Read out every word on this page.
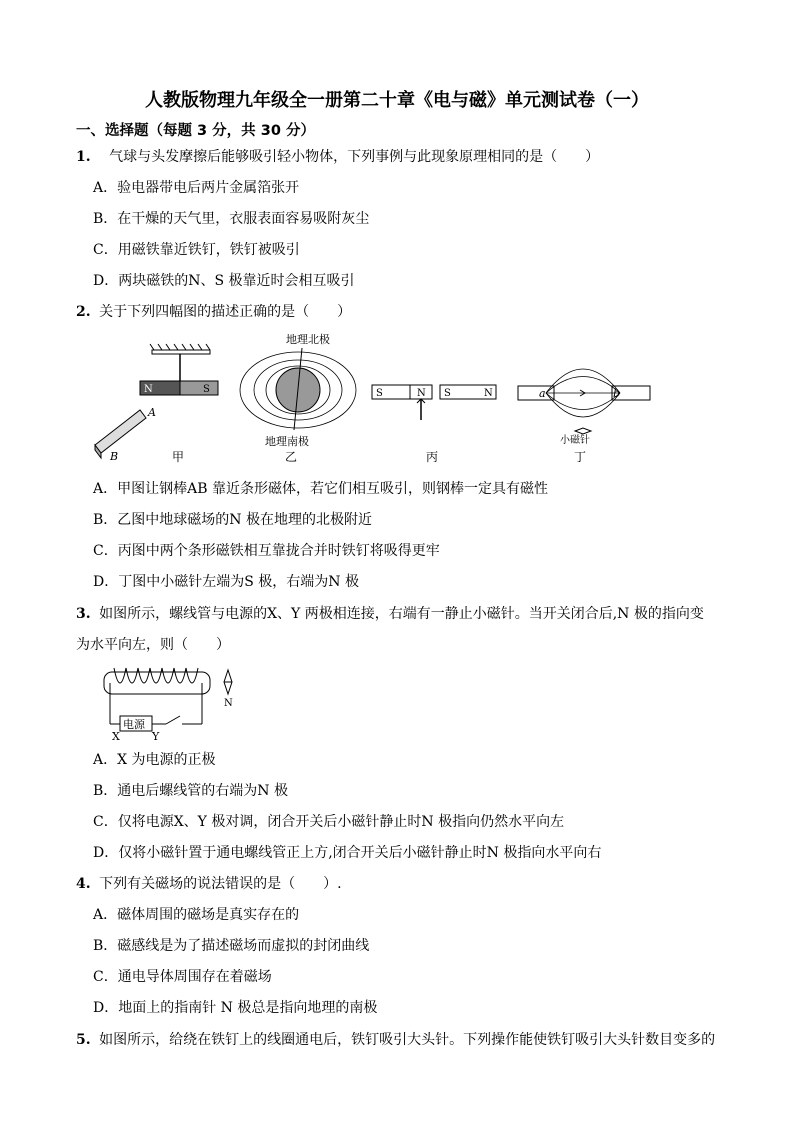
人教版物理九年级全一册第二十章《电与磁》单元测试卷（一）
一、选择题（每题 3 分，共 30 分）
1. 气球与头发摩擦后能够吸引轻小物体，下列事例与此现象原理相同的是（　　）
A．验电器带电后两片金属箔张开
B．在干燥的天气里，衣服表面容易吸附灰尘
C．用磁铁靠近铁钉，铁钉被吸引
D．两块磁铁的N、S 极靠近时会相互吸引
2. 关于下列四幅图的描述正确的是（　　）
N	S
A
B	甲
地理北极
地理南极
乙
S	N S	N
丙
a	b
小磁针
丁
A．甲图让钢棒AB 靠近条形磁体，若它们相互吸引，则钢棒一定具有磁性
B．乙图中地球磁场的N 极在地理的北极附近
C．丙图中两个条形磁铁相互靠拢合并时铁钉将吸得更牢
D．丁图中小磁针左端为S 极，右端为N 极
3. 如图所示，螺线管与电源的X、Y 两极相连接，右端有一静止小磁针。当开关闭合后,N 极的指向变
为水平向左，则（　　）
电源
X	Y
N
A．X 为电源的正极
B．通电后螺线管的右端为N 极
C．仅将电源X、Y 极对调，闭合开关后小磁针静止时N 极指向仍然水平向左
D．仅将小磁针置于通电螺线管正上方,闭合开关后小磁针静止时N 极指向水平向右
4. 下列有关磁场的说法错误的是（　　）.
A．磁体周围的磁场是真实存在的
B．磁感线是为了描述磁场而虚拟的封闭曲线
C．通电导体周围存在着磁场
D．地面上的指南针 N 极总是指向地理的南极
5. 如图所示，给绕在铁钉上的线圈通电后，铁钉吸引大头针。下列操作能使铁钉吸引大头针数目变多的
